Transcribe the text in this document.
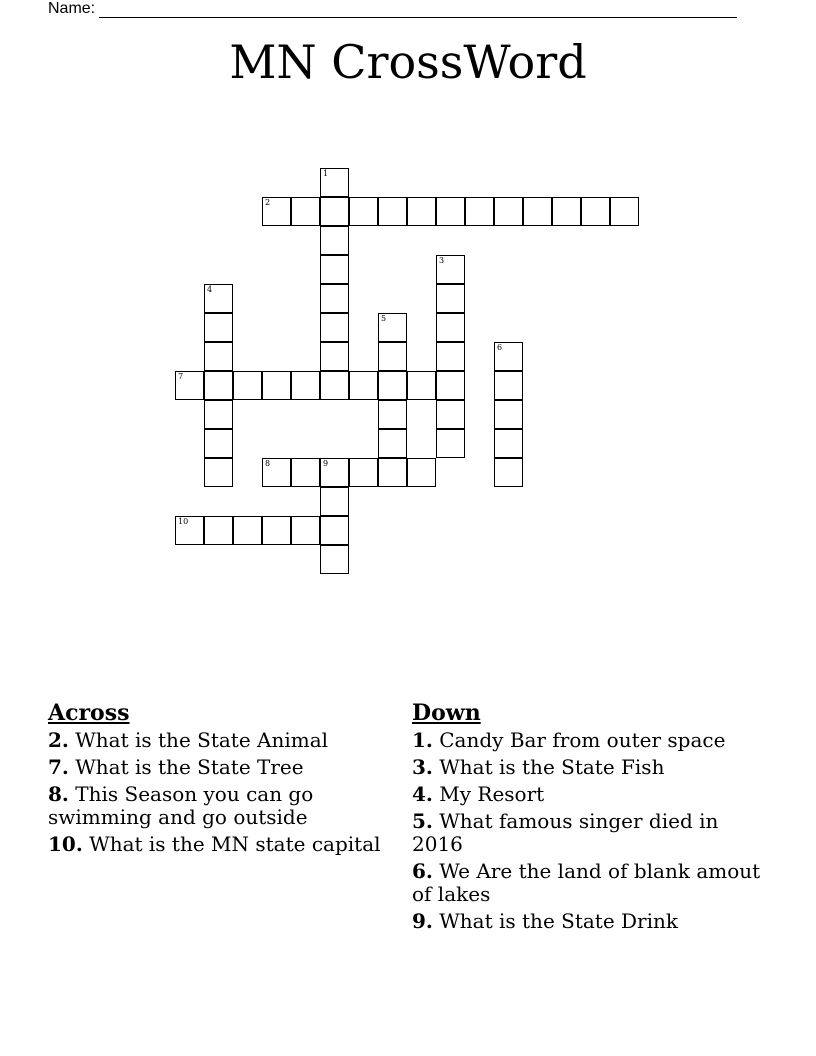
Name:
MN CrossWord
1
2
3
4
5
6
7
8	9
10
Across
2. What is the State Animal
7. What is the State Tree
8. This Season you can go swimming and go outside
10. What is the MN state capital
Down
1. Candy Bar from outer space
3. What is the State Fish
4. My Resort
5. What famous singer died in 2016
6. We Are the land of blank amout of lakes
9. What is the State Drink
